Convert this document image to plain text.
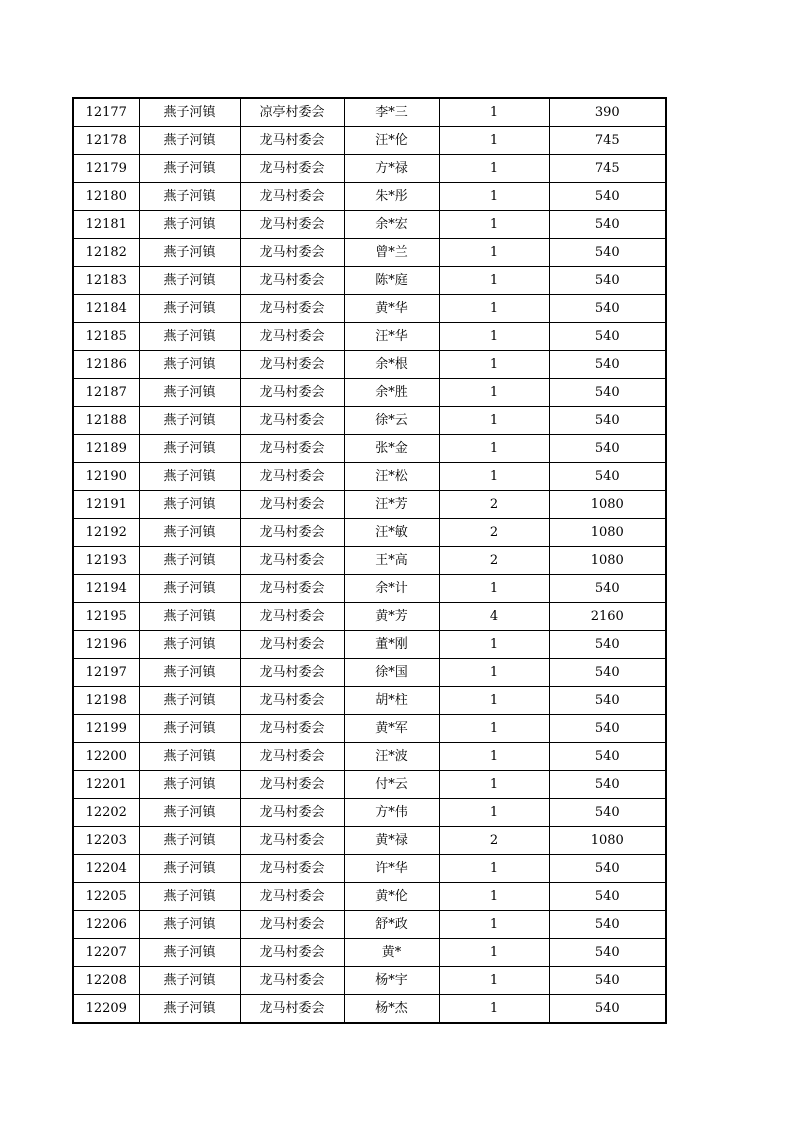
12177	燕子河镇	凉亭村委会	李*三	1	390
12178	燕子河镇	龙马村委会	汪*伦	1	745
12179	燕子河镇	龙马村委会	方*禄	1	745
12180	燕子河镇	龙马村委会	朱*彤	1	540
12181	燕子河镇	龙马村委会	余*宏	1	540
12182	燕子河镇	龙马村委会	曾*兰	1	540
12183	燕子河镇	龙马村委会	陈*庭	1	540
12184	燕子河镇	龙马村委会	黄*华	1	540
12185	燕子河镇	龙马村委会	汪*华	1	540
12186	燕子河镇	龙马村委会	余*根	1	540
12187	燕子河镇	龙马村委会	余*胜	1	540
12188	燕子河镇	龙马村委会	徐*云	1	540
12189	燕子河镇	龙马村委会	张*金	1	540
12190	燕子河镇	龙马村委会	汪*松	1	540
12191	燕子河镇	龙马村委会	汪*芳	2	1080
12192	燕子河镇	龙马村委会	汪*敏	2	1080
12193	燕子河镇	龙马村委会	王*高	2	1080
12194	燕子河镇	龙马村委会	余*计	1	540
12195	燕子河镇	龙马村委会	黄*芳	4	2160
12196	燕子河镇	龙马村委会	董*刚	1	540
12197	燕子河镇	龙马村委会	徐*国	1	540
12198	燕子河镇	龙马村委会	胡*柱	1	540
12199	燕子河镇	龙马村委会	黄*军	1	540
12200	燕子河镇	龙马村委会	汪*波	1	540
12201	燕子河镇	龙马村委会	付*云	1	540
12202	燕子河镇	龙马村委会	方*伟	1	540
12203	燕子河镇	龙马村委会	黄*禄	2	1080
12204	燕子河镇	龙马村委会	许*华	1	540
12205	燕子河镇	龙马村委会	黄*伦	1	540
12206	燕子河镇	龙马村委会	舒*政	1	540
12207	燕子河镇	龙马村委会	黄*	1	540
12208	燕子河镇	龙马村委会	杨*宇	1	540
12209	燕子河镇	龙马村委会	杨*杰	1	540
